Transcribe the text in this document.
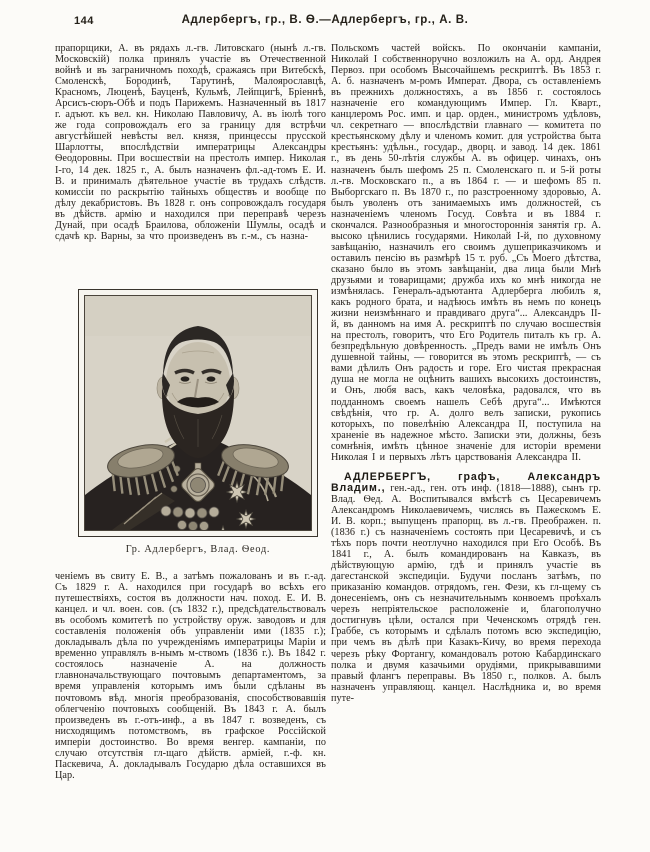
144	Адлербергъ, гр., В. Ѳ.—Адлербергъ, гр., А. В.

прапорщики, А. въ рядахъ л.-гв. Литовскаго (нынѣ л.-гв. Московскій) полка принялъ участіе въ Отечественной войнѣ и въ заграничномъ походѣ, сражаясь при Витебскѣ, Смоленскѣ, Бородинѣ, Тарутинѣ, Малоярославцѣ, Красномъ, Люценѣ, Бауценѣ, Кульмѣ, Лейпцигѣ, Бріеннѣ, Арсисъ-сюръ-Обѣ и подъ Парижемъ. Назначенный въ 1817 г. адъют. къ вел. кн. Николаю Павловичу, А. въ іюлѣ того же года сопровождалъ его за границу для встрѣчи августѣйшей невѣсты вел. князя, принцессы прусской Шарлотты, впослѣдствіи императрицы Александры Ѳеодоровны. При восшествіи на престолъ импер. Николая I-го, 14 дек. 1825 г., А. былъ назначенъ фл.-ад-томъ Е. И. В. и принималъ дѣятельное участіе въ трудахъ слѣдств. комиссіи по раскрытію тайныхъ обществъ и вообще по дѣлу декабристовъ. Въ 1828 г. онъ сопровождалъ государя въ дѣйств. армію и находился при переправѣ черезъ Дунай, при осадѣ Браилова, обложеніи Шумлы, осадѣ и сдачѣ кр. Варны, за что произведенъ въ г.-м., съ назна-

Гр. Адлербергъ, Влад. Ѳеод.

ченіемъ въ свиту Е. В., а затѣмъ пожалованъ и въ г.-ад. Съ 1829 г. А. находился при государѣ во всѣхъ его путешествіяхъ, состоя въ должности нач. поход. Е. И. В. канцел. и чл. воен. сов. (съ 1832 г.), предсѣдательствовалъ въ особомъ комитетѣ по устройству оруж. заводовъ и для составленія положенія объ управленіи ими (1835 г.); докладывалъ дѣла по учрежденіямъ императрицы Маріи и временно управлялъ в-нымъ м-ствомъ (1836 г.). Въ 1842 г. состоялось назначеніе А. на должность главноначальствующаго почтовымъ департаментомъ, за время управленія которымъ имъ были сдѣланы въ почтовомъ вѣд. многія преобразованія, способствовавшія облегченію почтовыхъ сообщеній. Въ 1843 г. А. былъ произведенъ въ г.-отъ-инф., а въ 1847 г. возведенъ, съ нисходящимъ потомствомъ, въ графское Россійской имперіи достоинство. Во время венгер. кампаніи, по случаю отсутствія гл-щаго дѣйств. арміей, г.-ф. кн. Паскевича, А. докладывалъ Государю дѣла оставшихся въ Цар.

Польскомъ частей войскъ. По окончаніи кампаніи, Николай I собственноручно возложилъ на А. орд. Андрея Первоз. при особомъ Высочайшемъ рескриптѣ. Въ 1853 г. А. б. назначенъ м-ромъ Императ. Двора, съ оставленіемъ въ прежнихъ должностяхъ, а въ 1856 г. состоялось назначеніе его командующимъ Импер. Гл. Кварт., канцлеромъ Рос. имп. и цар. орден., министромъ удѣловъ, чл. секретнаго — впослѣдствіи главнаго — комитета по крестьянскому дѣлу и членомъ комит. для устройства быта крестьянъ: удѣльн., государ., дворц. и завод. 14 дек. 1861 г., въ день 50-лѣтія службы А. въ офицер. чинахъ, онъ назначенъ былъ шефомъ 25 п. Смоленскаго п. и 5-й роты л.-гв. Московскаго п., а въ 1864 г. — и шефомъ 85 п. Выборгскаго п. Въ 1870 г., по разстроенному здоровью, А. былъ уволенъ отъ занимаемыхъ имъ должностей, съ назначеніемъ членомъ Госуд. Совѣта и въ 1884 г. скончался. Разнообразныя и многостороннія занятія гр. А. высоко цѣнились государями. Николай I-й, по духовному завѣщанію, назначилъ его своимъ душеприказчикомъ и оставилъ пенсію въ размѣрѣ 15 т. руб. „Съ Моего дѣтства, сказано было въ этомъ завѣщаніи, два лица были Мнѣ друзьями и товарищами; дружба ихъ ко мнѣ никогда не измѣнялась. Генералъ-адъютанта Адлерберга любилъ я, какъ родного брата, и надѣюсь имѣть въ немъ по конецъ жизни неизмѣннаго и правдиваго друга“... Александръ II-й, въ данномъ на имя А. рескриптѣ по случаю восшествія на престолъ, говоритъ, что Его Родитель питалъ къ гр. А. безпредѣльную довѣренность. „Предъ вами не имѣлъ Онъ душевной тайны, — говорится въ этомъ рескриптѣ, — съ вами дѣлилъ Онъ радость и горе. Его чистая прекрасная душа не могла не оцѣнить вашихъ высокихъ достоинствъ, и Онъ, любя васъ, какъ человѣка, радовался, что въ подданномъ своемъ нашелъ Себѣ друга“... Имѣются свѣдѣнія, что гр. А. долго велъ записки, рукопись которыхъ, по повелѣнію Александра II, поступила на храненіе въ надежное мѣсто. Записки эти, должны, безъ сомнѣнія, имѣть цѣнное значеніе для исторіи времени Николая I и первыхъ лѣтъ царствованія Александра II.

АДЛЕРБЕРГЪ, графъ, Александръ Владим., ген.-ад., ген. отъ инф. (1818—1888), сынъ гр. Влад. Ѳед. А. Воспитывался вмѣстѣ съ Цесаревичемъ Александромъ Николаевичемъ, числясь въ Пажескомъ Е. И. В. корп.; выпущенъ прапорщ. въ л.-гв. Преображен. п. (1836 г.) съ назначеніемъ состоять при Цесаревичѣ, и съ тѣхъ поръ почти неотлучно находился при Его Особѣ. Въ 1841 г., А. былъ командированъ на Кавказъ, въ дѣйствующую армію, гдѣ и принялъ участіе въ дагестанской экспедиціи. Будучи посланъ затѣмъ, по приказанію командов. отрядомъ, ген. Фези, къ гл-щему съ донесеніемъ, онъ съ незначительнымъ конвоемъ проѣхалъ черезъ непріятельское расположеніе и, благополучно достигнувъ цѣли, остался при Чеченскомъ отрядѣ ген. Граббе, съ которымъ и сдѣлалъ потомъ всю экспедицію, при чемъ въ дѣлѣ при Казакъ-Кичу, во время перехода черезъ рѣку Фортангу, командовалъ ротою Кабардинскаго полка и двумя казачьими орудіями, прикрывавшими правый флангъ переправы. Въ 1850 г., полков. А. былъ назначенъ управляющ. канцел. Наслѣдника и, во время путе-
